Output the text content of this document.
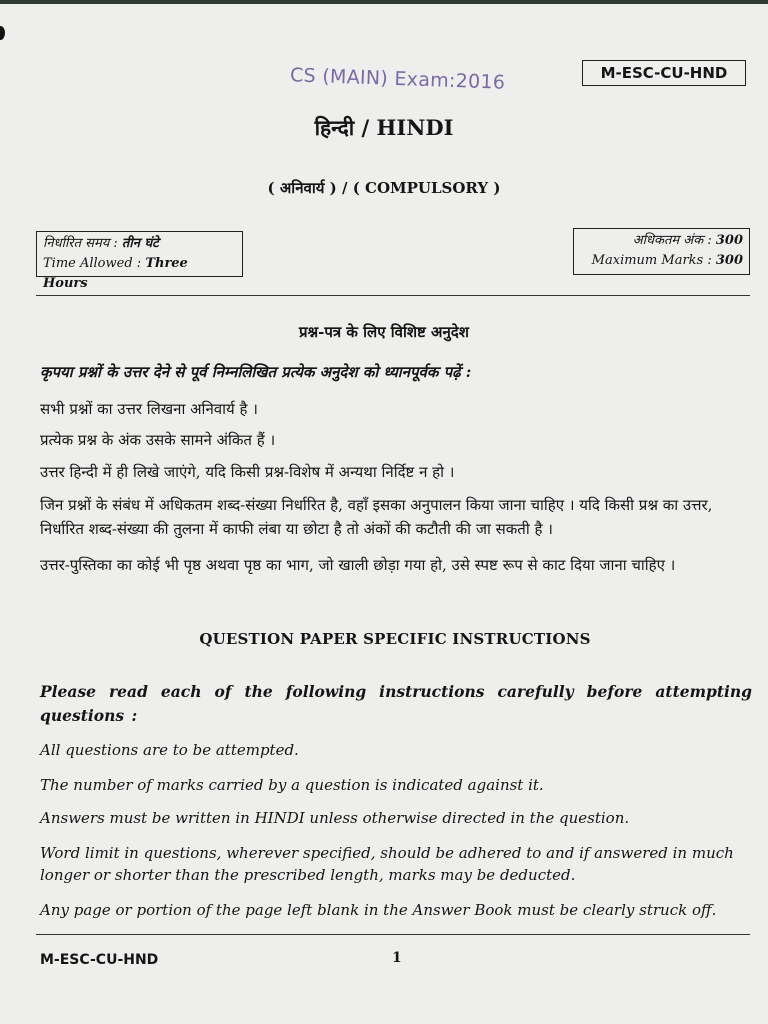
CS (MAIN) Exam:2016	M-ESC-CU-HND
हिन्दी / HINDI
( अनिवार्य ) / ( COMPULSORY )
निर्धारित समय : तीन घंटे
Time Allowed : Three Hours
अधिकतम अंक : 300
Maximum Marks : 300
प्रश्न-पत्र के लिए विशिष्ट अनुदेश
कृपया प्रश्नों के उत्तर देने से पूर्व निम्नलिखित प्रत्येक अनुदेश को ध्यानपूर्वक पढ़ें :
सभी प्रश्नों का उत्तर लिखना अनिवार्य है ।
प्रत्येक प्रश्न के अंक उसके सामने अंकित हैं ।
उत्तर हिन्दी में ही लिखे जाएंगे, यदि किसी प्रश्न-विशेष में अन्यथा निर्दिष्ट न हो ।
जिन प्रश्नों के संबंध में अधिकतम शब्द-संख्या निर्धारित है, वहाँ इसका अनुपालन किया जाना चाहिए । यदि किसी प्रश्न का उत्तर, निर्धारित शब्द-संख्या की तुलना में काफी लंबा या छोटा है तो अंकों की कटौती की जा सकती है ।
उत्तर-पुस्तिका का कोई भी पृष्ठ अथवा पृष्ठ का भाग, जो खाली छोड़ा गया हो, उसे स्पष्ट रूप से काट दिया जाना चाहिए ।
QUESTION PAPER SPECIFIC INSTRUCTIONS
Please read each of the following instructions carefully before attempting questions :
All questions are to be attempted.
The number of marks carried by a question is indicated against it.
Answers must be written in HINDI unless otherwise directed in the question.
Word limit in questions, wherever specified, should be adhered to and if answered in much longer or shorter than the prescribed length, marks may be deducted.
Any page or portion of the page left blank in the Answer Book must be clearly struck off.
M-ESC-CU-HND	1
